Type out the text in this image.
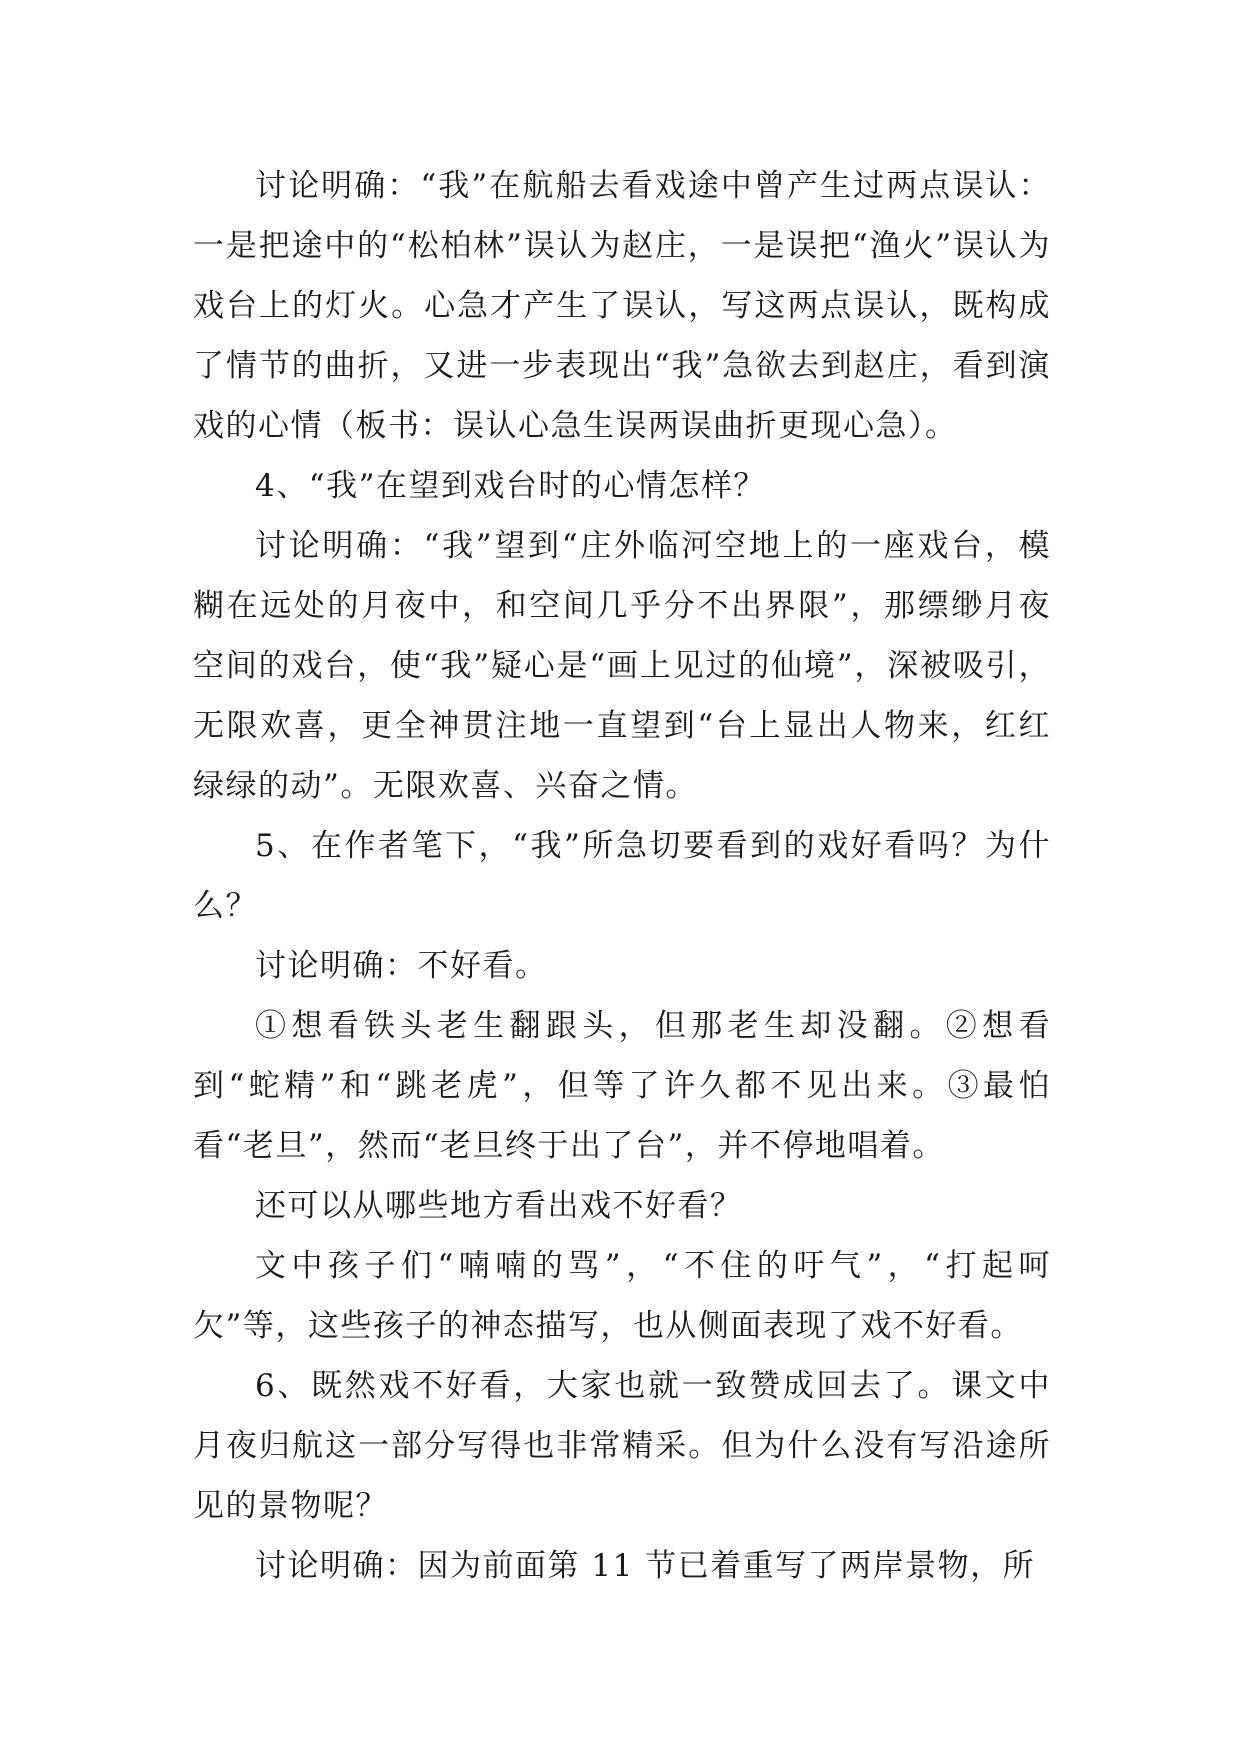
讨论明确：“我”在航船去看戏途中曾产生过两点误认：一是把途中的“松柏林”误认为赵庄，一是误把“渔火”误认为戏台上的灯火。心急才产生了误认，写这两点误认，既构成了情节的曲折，又进一步表现出“我”急欲去到赵庄，看到演戏的心情（板书：误认心急生误两误曲折更现心急）。

4、“我”在望到戏台时的心情怎样？

讨论明确：“我”望到“庄外临河空地上的一座戏台，模糊在远处的月夜中，和空间几乎分不出界限”，那缥缈月夜空间的戏台，使“我”疑心是“画上见过的仙境”，深被吸引，无限欢喜，更全神贯注地一直望到“台上显出人物来，红红绿绿的动”。无限欢喜、兴奋之情。

5、在作者笔下，“我”所急切要看到的戏好看吗？为什么？

讨论明确：不好看。

①想看铁头老生翻跟头，但那老生却没翻。②想看到“蛇精”和“跳老虎”，但等了许久都不见出来。③最怕看“老旦”，然而“老旦终于出了台”，并不停地唱着。

还可以从哪些地方看出戏不好看？

文中孩子们“喃喃的骂”，“不住的吁气”，“打起呵欠”等，这些孩子的神态描写，也从侧面表现了戏不好看。

6、既然戏不好看，大家也就一致赞成回去了。课文中月夜归航这一部分写得也非常精采。但为什么没有写沿途所见的景物呢？

讨论明确：因为前面第 11 节已着重写了两岸景物，所
